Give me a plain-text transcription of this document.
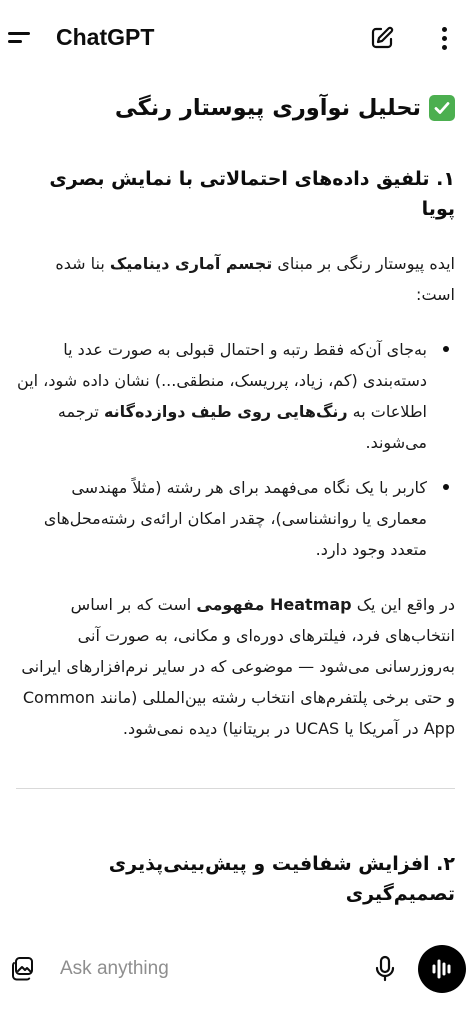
ChatGPT
تحلیل نوآوری پیوستار رنگی
۱. تلفیق داده‌های احتمالاتی با نمایش بصری پویا

ایده پیوستار رنگی بر مبنای تجسم آماری دینامیک بنا شده است:

به‌جای آن‌که فقط رتبه و احتمال قبولی به صورت عدد یا دسته‌بندی (کم، زیاد، پرریسک، منطقی...) نشان داده شود، این اطلاعات به رنگ‌هایی روی طیف دوازده‌گانه ترجمه می‌شوند.
کاربر با یک نگاه می‌فهمد برای هر رشته (مثلاً مهندسی معماری یا روانشناسی)، چقدر امکان ارائه‌ی رشته‌محل‌های متعدد وجود دارد.

در واقع این یک Heatmap مفهومی است که بر اساس انتخاب‌های فرد، فیلترهای دوره‌ای و مکانی، به صورت آنی به‌روزرسانی می‌شود — موضوعی که در سایر نرم‌افزارهای ایرانی و حتی برخی پلتفرم‌های انتخاب رشته بین‌المللی (مانند Common App در آمریکا یا UCAS در بریتانیا) دیده نمی‌شود.

۲. افزایش شفافیت و پیش‌بینی‌پذیری تصمیم‌گیری
Ask anything
